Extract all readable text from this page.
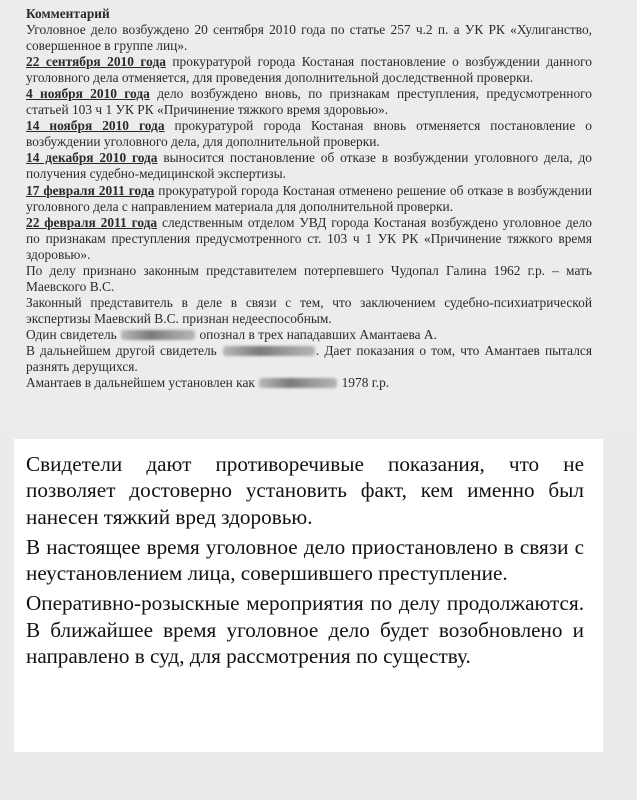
Комментарий

Уголовное дело возбуждено 20 сентября 2010 года по статье 257 ч.2 п. а УК РК «Хулиганство, совершенное в группе лиц».

22 сентября 2010 года прокуратурой города Костаная постановление о возбуждении данного уголовного дела отменяется, для проведения дополнительной доследственной проверки.

4 ноября 2010 года дело возбуждено вновь, по признакам преступления, предусмотренного статьей 103 ч 1 УК РК «Причинение тяжкого время здоровью».

14 ноября 2010 года прокуратурой города Костаная вновь отменяется постановление о возбуждении уголовного дела, для дополнительной проверки.

14 декабря 2010 года выносится постановление об отказе в возбуждении уголовного дела, до получения судебно-медицинской экспертизы.

17 февраля 2011 года прокуратурой города Костаная отменено решение об отказе в возбуждении уголовного дела с направлением материала для дополнительной проверки.

22 февраля 2011 года следственным отделом УВД города Костаная возбуждено уголовное дело по признакам преступления предусмотренного ст. 103 ч 1 УК РК «Причинение тяжкого время здоровью».

По делу признано законным представителем потерпевшего Чудопал Галина 1962 г.р. – мать Маевского В.С.

Законный представитель в деле в связи с тем, что заключением судебно-психиатрической экспертизы Маевский В.С. признан недееспособным.

Один свидетель	опознал в трех нападавших Амантаева А.

В дальнейшем другой свидетель	. Дает показания о том, что Амантаев пытался разнять дерущихся.

Амантаев в дальнейшем установлен как	1978 г.р.

Свидетели дают противоречивые показания, что не позволяет достоверно установить факт, кем именно был нанесен тяжкий вред здоровью.

В настоящее время уголовное дело приостановлено в связи с неустановлением лица, совершившего преступление.

Оперативно-розыскные мероприятия по делу продолжаются. В ближайшее время уголовное дело будет возобновлено и направлено в суд, для рассмотрения по существу.
